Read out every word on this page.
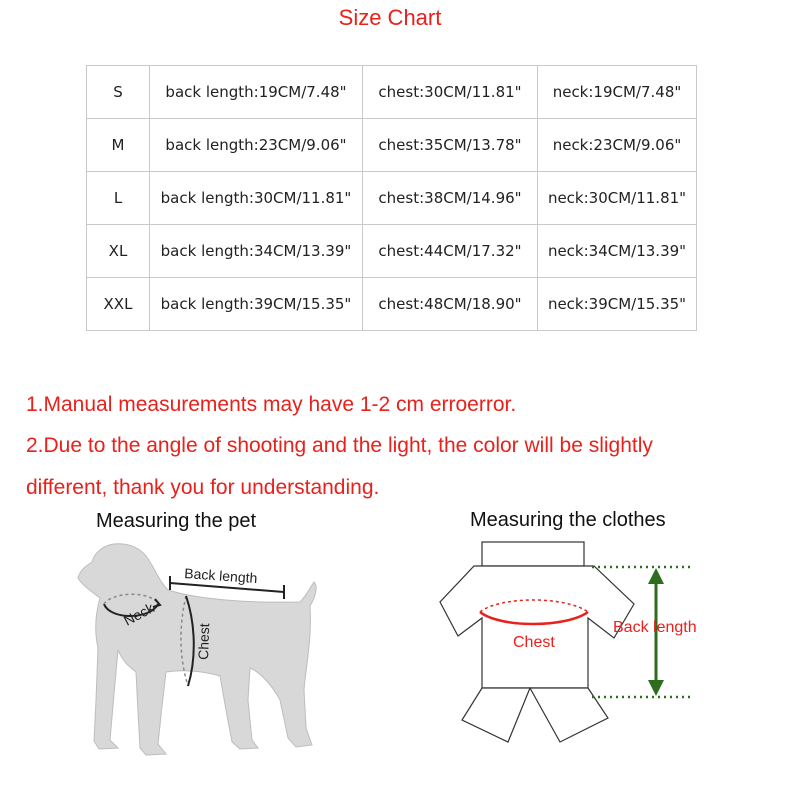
Size Chart
S	back length:19CM/7.48"	chest:30CM/11.81"	neck:19CM/7.48"
M	back length:23CM/9.06"	chest:35CM/13.78"	neck:23CM/9.06"
L	back length:30CM/11.81"	chest:38CM/14.96"	neck:30CM/11.81"
XL	back length:34CM/13.39"	chest:44CM/17.32"	neck:34CM/13.39"
XXL	back length:39CM/15.35"	chest:48CM/18.90"	neck:39CM/15.35"
1.Manual measurements may have 1-2 cm erroerror.
2.Due to the angle of shooting and the light, the color will be slightly
different, thank you for understanding.
Measuring the pet	Measuring the clothes
Back length
Neck
Chest	Chest
Back length
